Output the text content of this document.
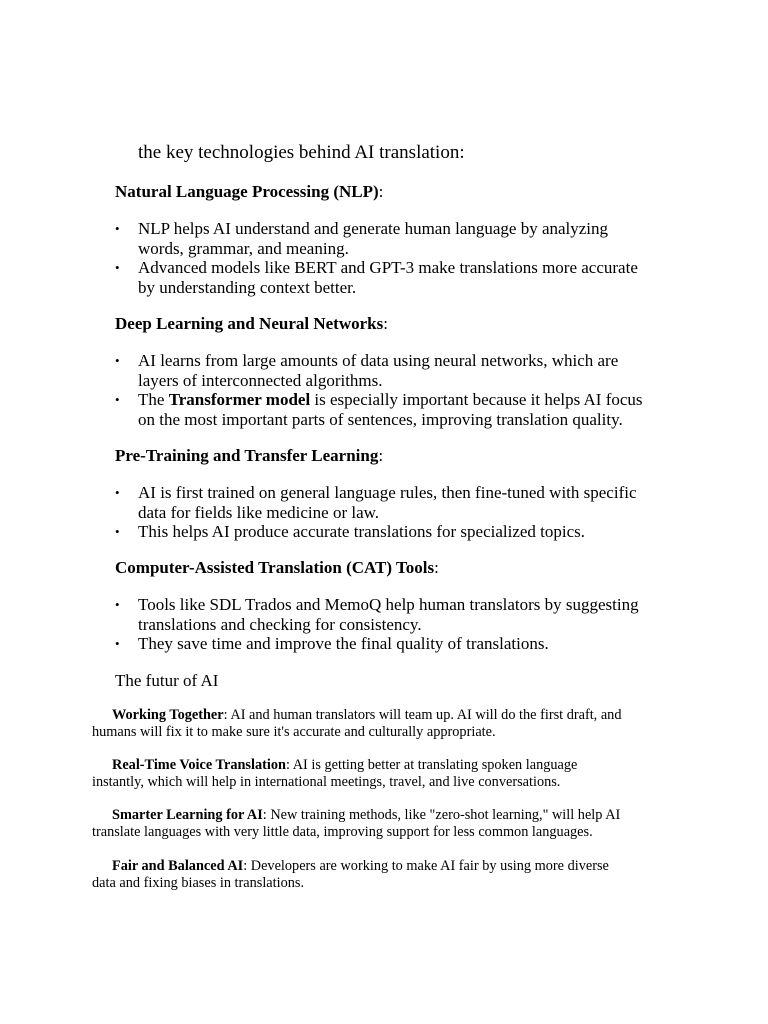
the key technologies behind AI translation:

Natural Language Processing (NLP):

• NLP helps AI understand and generate human language by analyzing
words, grammar, and meaning.
• Advanced models like BERT and GPT-3 make translations more accurate
by understanding context better.

Deep Learning and Neural Networks:

• AI learns from large amounts of data using neural networks, which are
layers of interconnected algorithms.
• The Transformer model is especially important because it helps AI focus
on the most important parts of sentences, improving translation quality.

Pre-Training and Transfer Learning:

• AI is first trained on general language rules, then fine-tuned with specific
data for fields like medicine or law.
• This helps AI produce accurate translations for specialized topics.

Computer-Assisted Translation (CAT) Tools:

• Tools like SDL Trados and MemoQ help human translators by suggesting
translations and checking for consistency.
• They save time and improve the final quality of translations.

The futur of AI

Working Together: AI and human translators will team up. AI will do the first draft, and
humans will fix it to make sure it's accurate and culturally appropriate.

Real-Time Voice Translation: AI is getting better at translating spoken language
instantly, which will help in international meetings, travel, and live conversations.

Smarter Learning for AI: New training methods, like "zero-shot learning," will help AI
translate languages with very little data, improving support for less common languages.

Fair and Balanced AI: Developers are working to make AI fair by using more diverse
data and fixing biases in translations.
